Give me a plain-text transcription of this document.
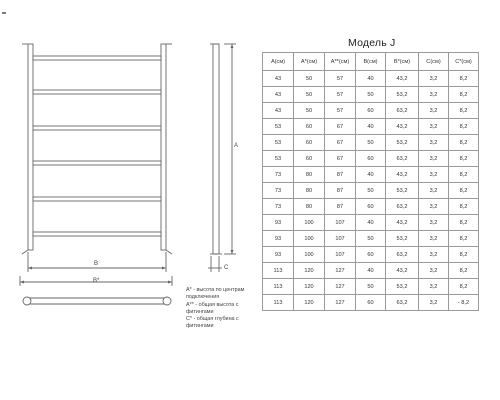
B
B*
A
C
А* - высота по центрам
подключения
А** - общая высота с
фитингами
С* - общая глубина с
фитингами
Модель J
A(см)	A*(см)	A**(см)	B(см)	B*(см)	C(см)	C*(см)
43	50	57	40	43,2	3,2	8,2
43	50	57	50	53,2	3,2	8,2
43	50	57	60	63,2	3,2	8,2
53	60	67	40	43,2	3,2	8,2
53	60	67	50	53,2	3,2	8,2
53	60	67	60	63,2	3,2	8,2
73	80	87	40	43,2	3,2	8,2
73	80	87	50	53,2	3,2	8,2
73	80	87	60	63,2	3,2	8,2
93	100	107	40	43,2	3,2	8,2
93	100	107	50	53,2	3,2	8,2
93	100	107	60	63,2	3,2	8,2
113	120	127	40	43,2	3,2	8,2
113	120	127	50	53,2	3,2	8,2
113	120	127	60	63,2	3,2	- 8,2
